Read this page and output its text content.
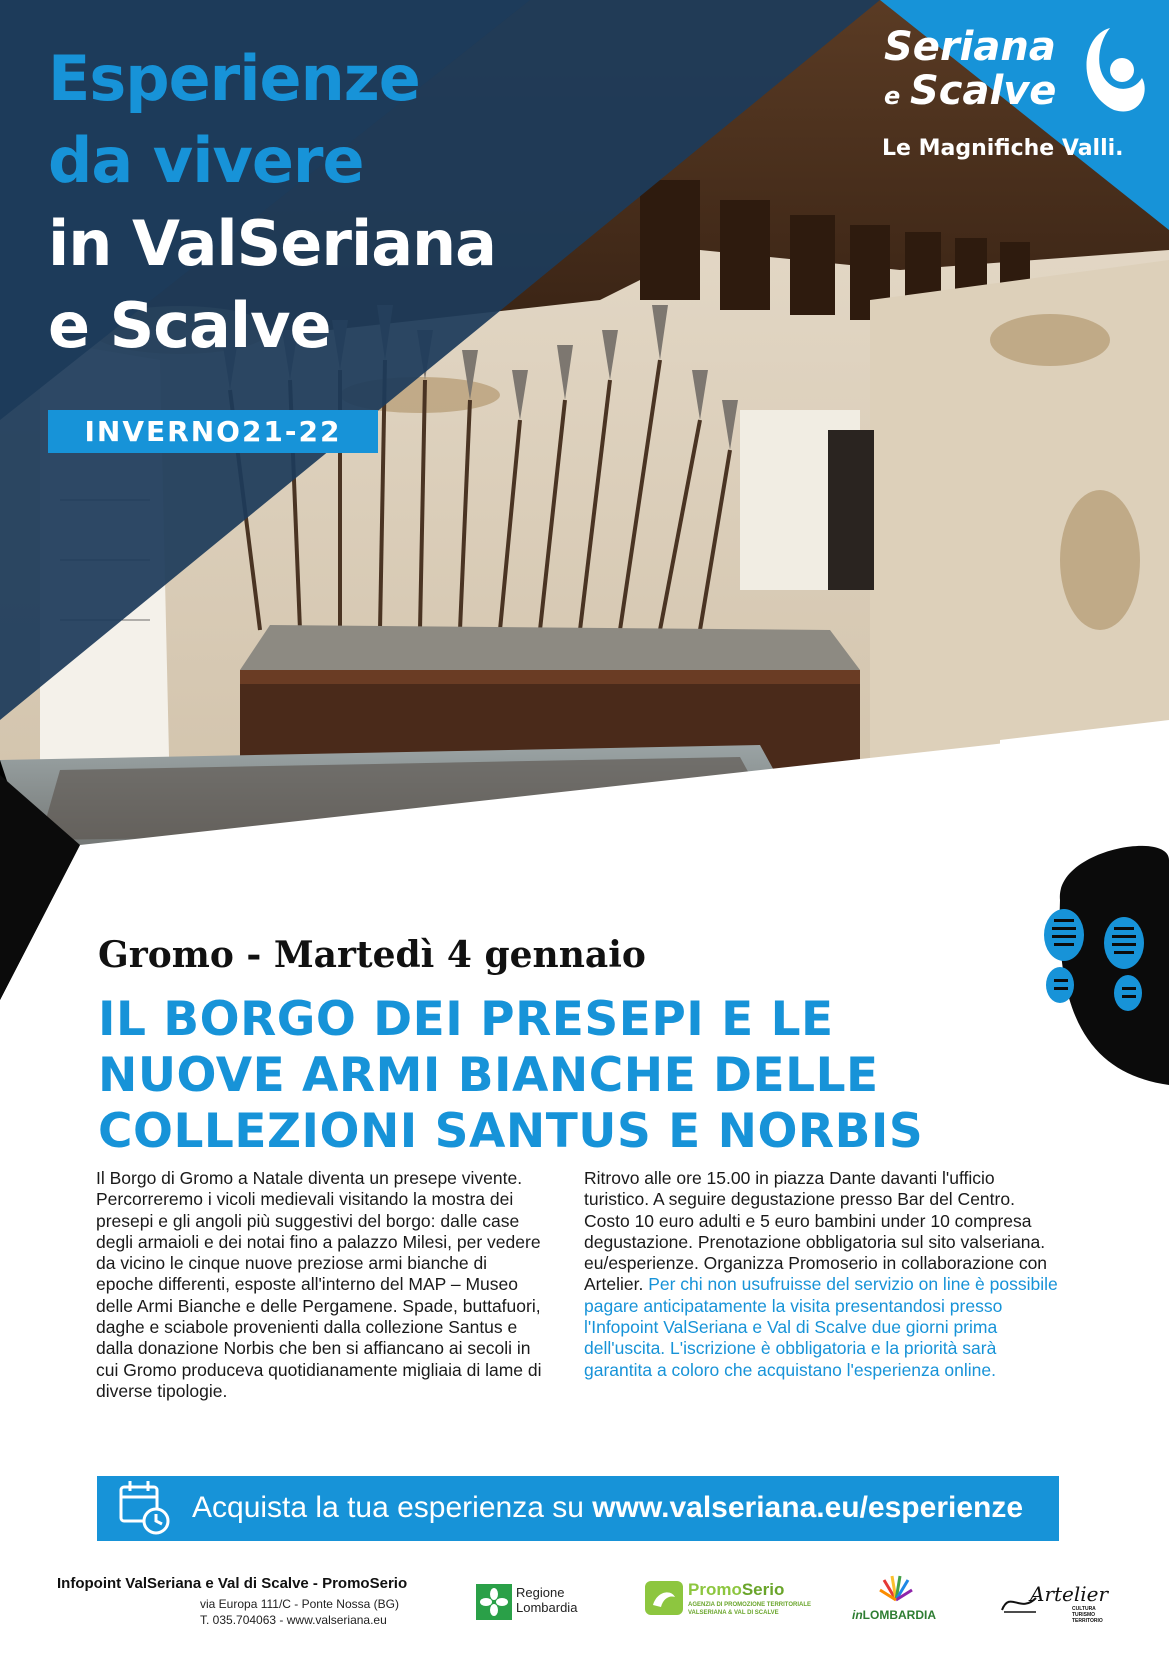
Esperienze
da vivere
in ValSeriana
e Scalve
INVERNO21-22
Seriana
e Scalve
Le Magnifiche Valli.
Gromo - Martedì 4 gennaio
IL BORGO DEI PRESEPI E LE
NUOVE ARMI BIANCHE DELLE
COLLEZIONI SANTUS E NORBIS
Il Borgo di Gromo a Natale diventa un presepe vivente. Percorreremo i vicoli medievali visitando la mostra dei presepi e gli angoli più suggestivi del borgo: dalle case degli armaioli e dei notai fino a palazzo Milesi, per vedere da vicino le cinque nuove preziose armi bianche di epoche differenti, esposte all'interno del MAP – Museo delle Armi Bianche e delle Pergamene. Spade, buttafuori, daghe e sciabole provenienti dalla collezione Santus e dalla donazione Norbis che ben si affiancano ai secoli in cui Gromo produceva quotidianamente migliaia di lame di diverse tipologie.
Ritrovo alle ore 15.00 in piazza Dante davanti l'ufficio turistico. A seguire degustazione presso Bar del Centro. Costo 10 euro adulti e 5 euro bambini under 10 compresa degustazione. Prenotazione obbligatoria sul sito valseriana. eu/esperienze. Organizza Promoserio in collaborazione con Artelier. Per chi non usufruisse del servizio on line è possibile pagare anticipatamente la visita presentandosi presso l'Infopoint ValSeriana e Val di Scalve due giorni prima dell'uscita. L'iscrizione è obbligatoria e la priorità sarà garantita a coloro che acquistano l'esperienza online.
Acquista la tua esperienza su www.valseriana.eu/esperienze
Infopoint ValSeriana e Val di Scalve - PromoSerio
via Europa 111/C - Ponte Nossa (BG)
T. 035.704063 - www.valseriana.eu
Regione
Lombardia
PromoSerio
AGENZIA DI PROMOZIONE TERRITORIALE
VALSERIANA & VAL DI SCALVE	inLOMBARDIA
Artelier
CULTURA
TURISMO
TERRITORIO
